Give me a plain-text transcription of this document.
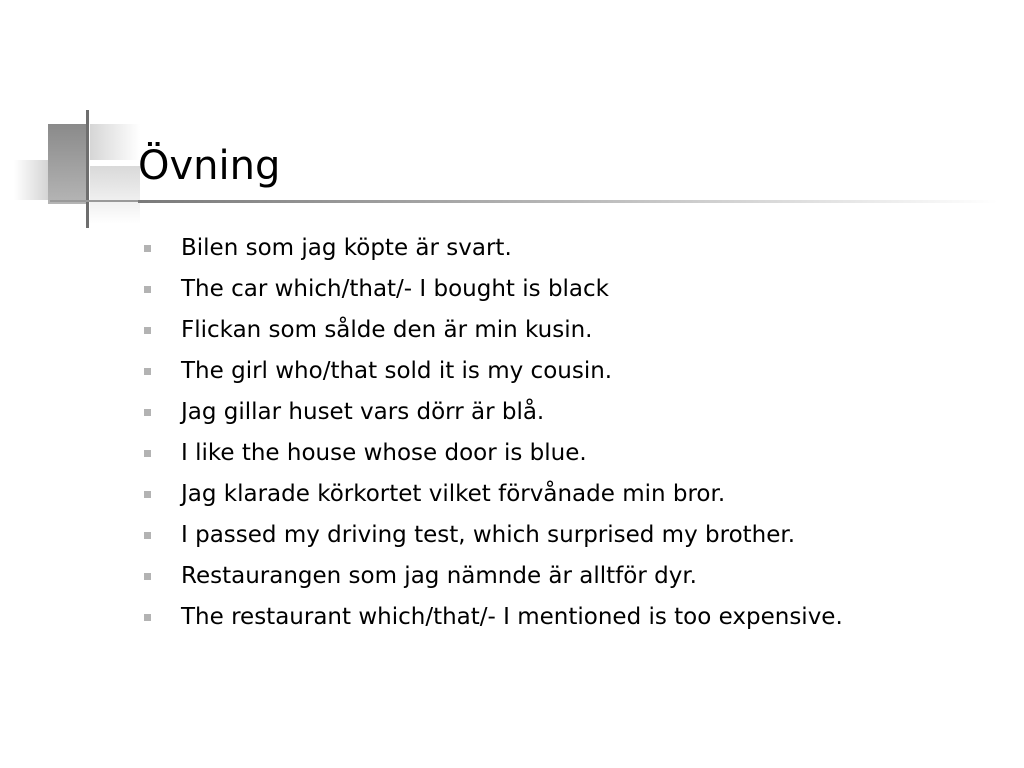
Övning
Bilen som jag köpte är svart.
The car which/that/- I bought is black
Flickan som sålde den är min kusin.
The girl who/that sold it is my cousin.
Jag gillar huset vars dörr är blå.
I like the house whose door is blue.
Jag klarade körkortet vilket förvånade min bror.
I passed my driving test, which surprised my brother.
Restaurangen som jag nämnde är alltför dyr.
The restaurant which/that/- I mentioned is too expensive.
